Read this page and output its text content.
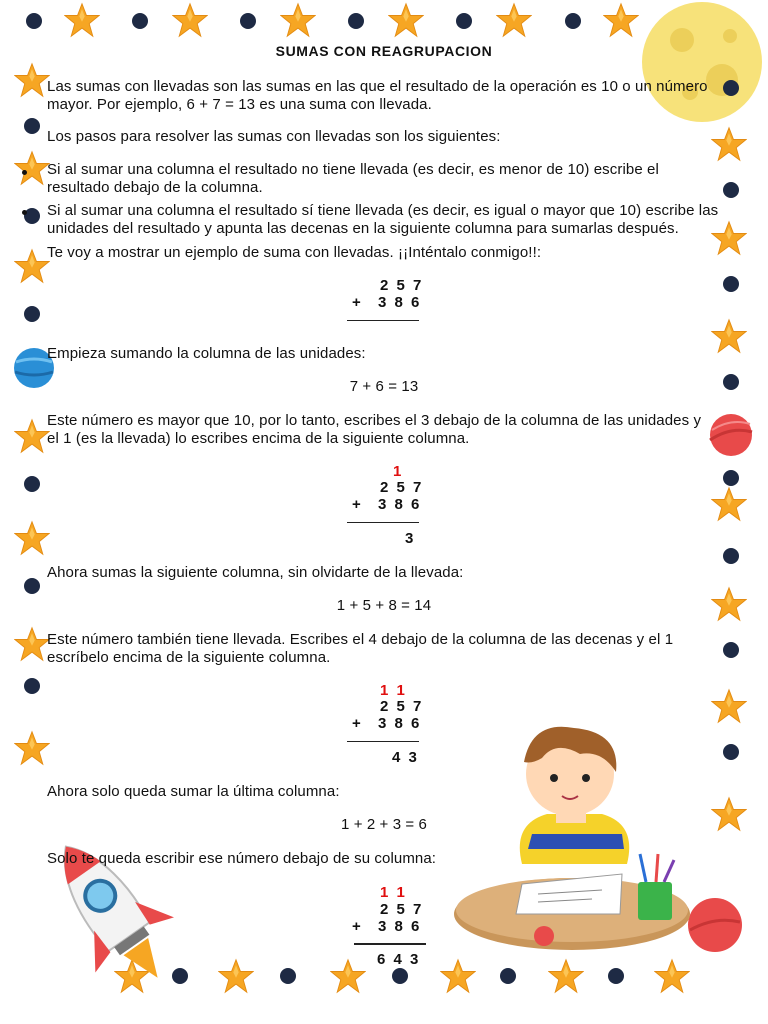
SUMAS CON REAGRUPACION
Las sumas con llevadas son las sumas en las que el resultado de la operación es 10 o un número mayor. Por ejemplo, 6 + 7 = 13 es una suma con llevada.
Los pasos para resolver las sumas con llevadas son los siguientes:
Si al sumar una columna el resultado no tiene llevada (es decir, es menor de 10) escribe el resultado debajo de la columna.
Si al sumar una columna el resultado sí tiene llevada (es decir, es igual o mayor que 10) escribe las unidades del resultado y apunta las decenas en la siguiente columna para sumarlas después.
Te voy a mostrar un ejemplo de suma con llevadas. ¡¡Inténtalo conmigo!!:
2 5 7
+ 3 8 6
Empieza sumando la columna de las unidades:
7 + 6 = 13
Este número es mayor que 10, por lo tanto, escribes el 3 debajo de la columna de las unidades y el 1 (es la llevada) lo escribes encima de la siguiente columna.
1
2 5 7
+ 3 8 6
3
Ahora sumas la siguiente columna, sin olvidarte de la llevada:
1 + 5 + 8 = 14
Este número también tiene llevada. Escribes el 4 debajo de la columna de las decenas y el 1 escríbelo encima de la siguiente columna.
1 1
2 5 7
+ 3 8 6
4 3
Ahora solo queda sumar la última columna:
1 + 2 + 3 = 6
Solo te queda escribir ese número debajo de su columna:
1 1
2 5 7
+ 3 8 6
6 4 3
